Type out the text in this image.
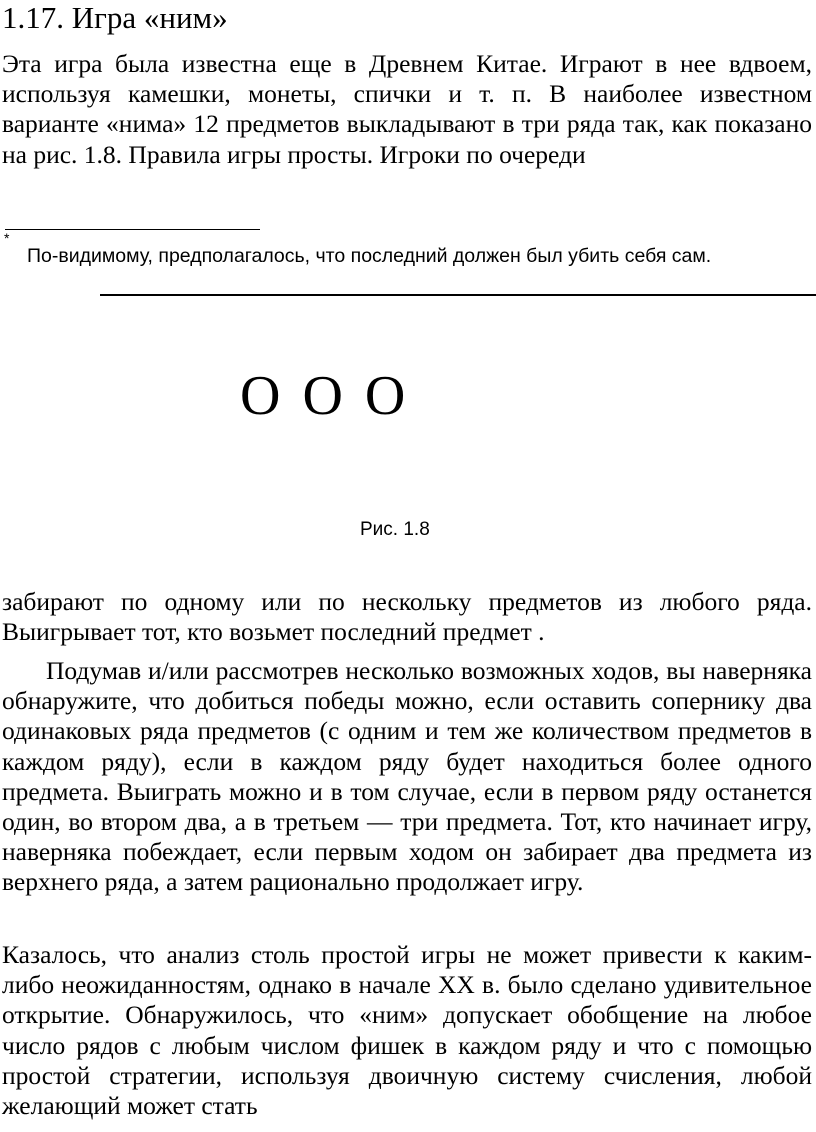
1.17. Игра «ним»

Эта игра была известна еще в Древнем Китае. Играют в нее вдвоем, используя камешки, монеты, спички и т. п. В наиболее известном варианте «нима» 12 предметов выкладывают в три ряда так, как показано на рис. 1.8. Правила игры просты. Игроки по очереди

*
По-видимому, предполагалось, что последний должен был убить себя сам.
O O O
Рис. 1.8

забирают по одному или по нескольку предметов из любого ряда. Выигрывает тот, кто возьмет последний предмет .

Подумав и/или рассмотрев несколько возможных ходов, вы наверняка обнаружите, что добиться победы можно, если оставить сопернику два одинаковых ряда предметов (с одним и тем же количеством предметов в каждом ряду), если в каждом ряду будет находиться более одного предмета. Выиграть можно и в том случае, если в первом ряду останется один, во втором два, а в третьем — три предмета. Тот, кто начинает игру, наверняка побеждает, если первым ходом он забирает два предмета из верхнего ряда, а затем рационально продолжает игру.

Казалось, что анализ столь простой игры не может привести к каким-либо неожиданностям, однако в начале XX в. было сделано удивительное открытие. Обнаружилось, что «ним» допускает обобщение на любое число рядов с любым числом фишек в каждом ряду и что с помощью простой стратегии, используя двоичную систему счисления, любой желающий может стать
